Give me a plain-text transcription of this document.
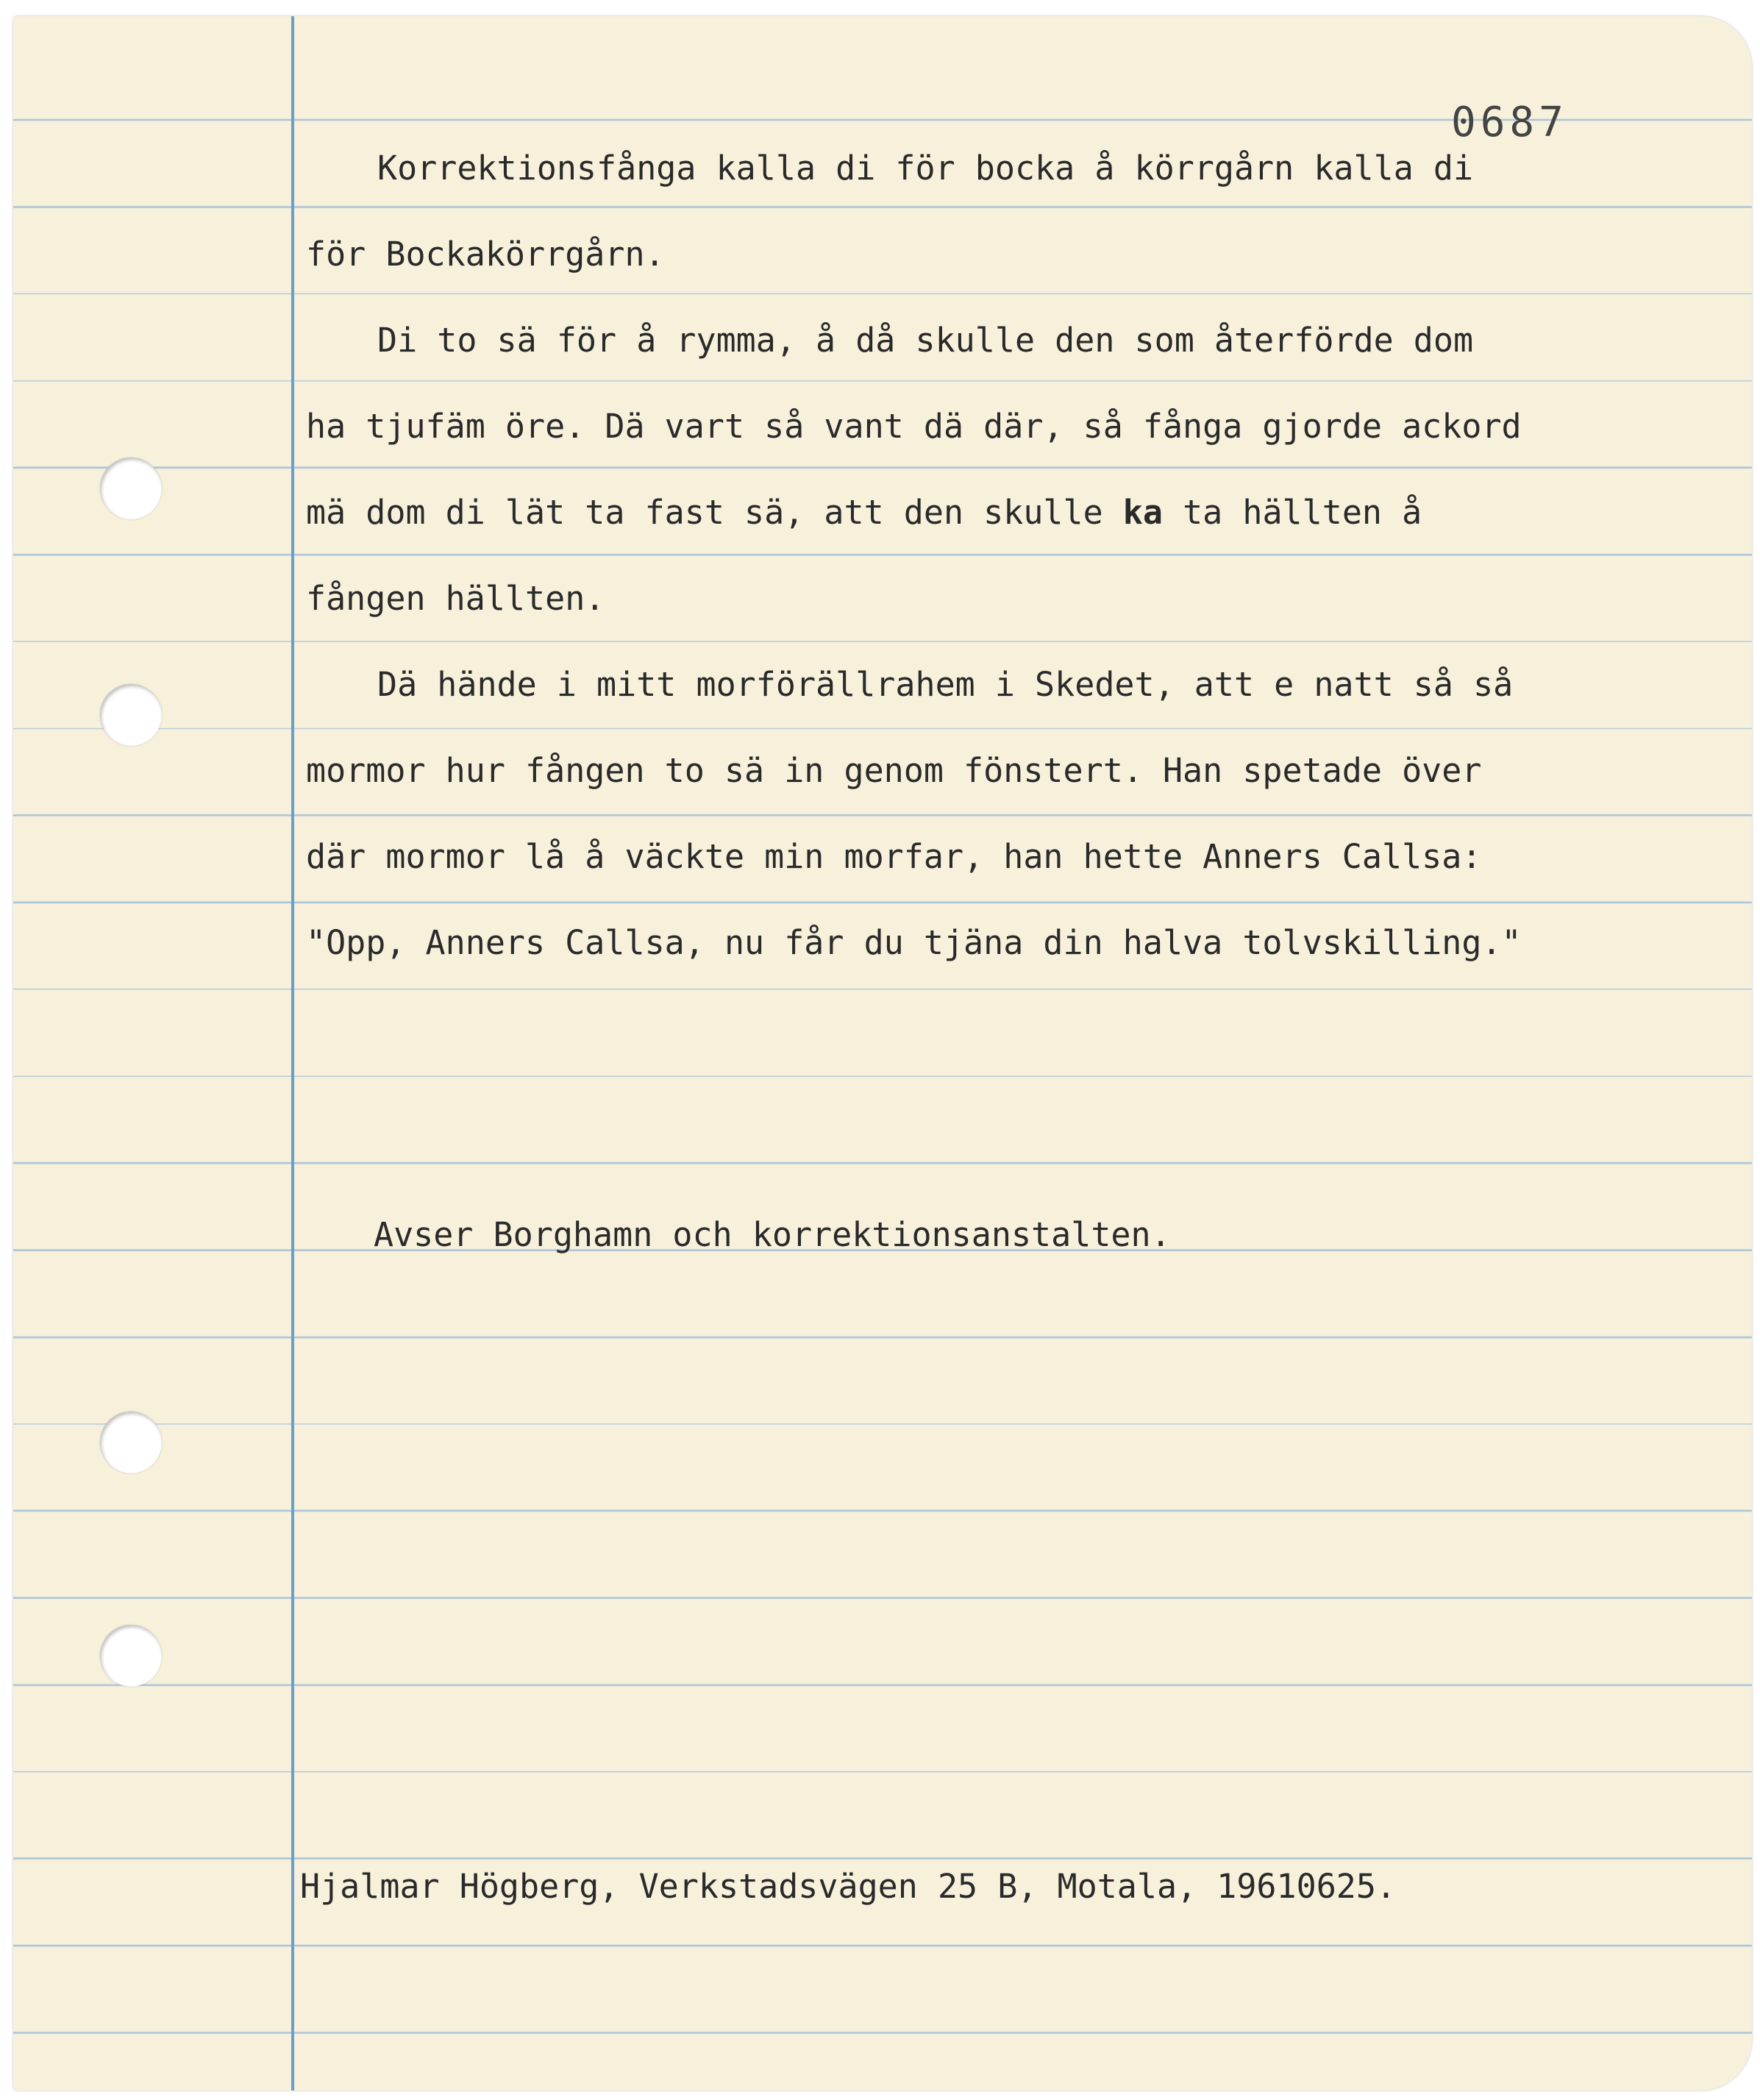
0687

Korrektionsfånga kalla di för bocka å körrgårn kalla di

för Bockakörrgårn.

Di to sä för å rymma, å då skulle den som återförde dom

ha tjufäm öre. Dä vart så vant dä där, så fånga gjorde ackord

mä dom di lät ta fast sä, att den skulle ka ta hällten å

fången hällten.

Dä hände i mitt morförällrahem i Skedet, att e natt så så

mormor hur fången to sä in genom fönstert. Han spetade över

där mormor lå å väckte min morfar, han hette Anners Callsa:

"Opp, Anners Callsa, nu får du tjäna din halva tolvskilling."

Avser Borghamn och korrektionsanstalten.

Hjalmar Högberg, Verkstadsvägen 25 B, Motala, 19610625.
